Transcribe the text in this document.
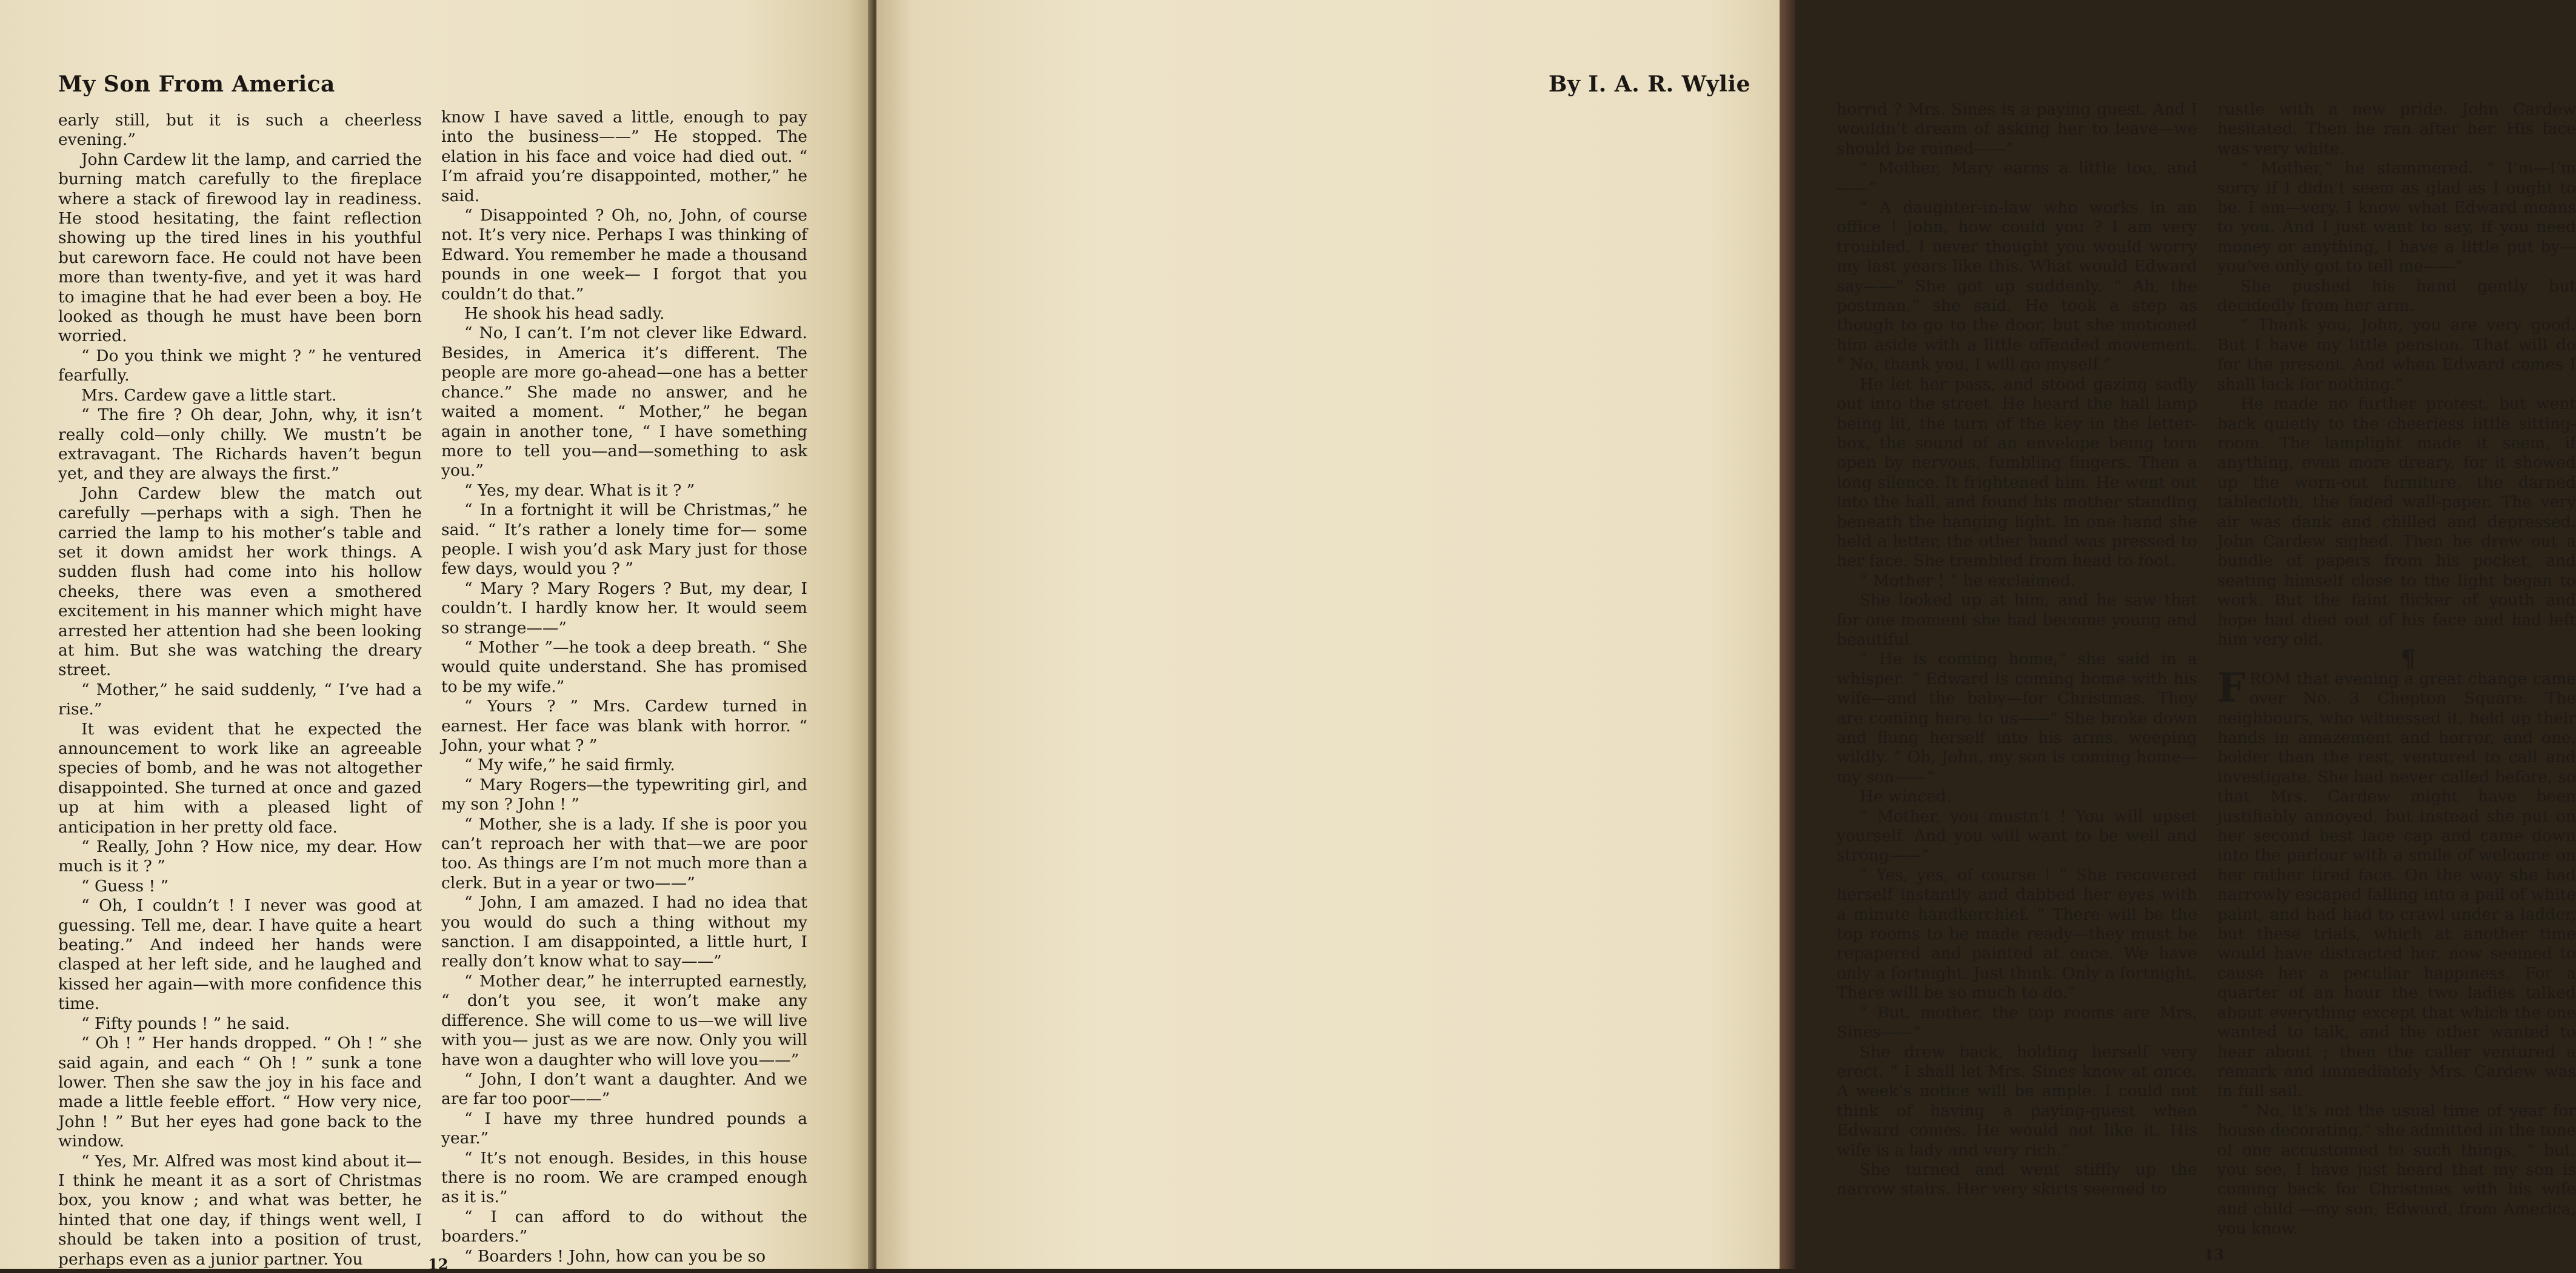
My Son From America

early still, but it is such a cheerless evening.”

John Cardew lit the lamp, and carried the burning match carefully to the fireplace where a stack of firewood lay in readiness. He stood hesitating, the faint reflection showing up the tired lines in his youthful but careworn face. He could not have been more than twenty-five, and yet it was hard to imagine that he had ever been a boy. He looked as though he must have been born worried.

“ Do you think we might ? ” he ventured fearfully.

Mrs. Cardew gave a little start.

“ The fire ? Oh dear, John, why, it isn’t really cold—only chilly. We mustn’t be extravagant. The Richards haven’t begun yet, and they are always the first.”

John Cardew blew the match out carefully —perhaps with a sigh. Then he carried the lamp to his mother’s table and set it down amidst her work things. A sudden flush had come into his hollow cheeks, there was even a smothered excitement in his manner which might have arrested her attention had she been looking at him. But she was watching the dreary street.

“ Mother,” he said suddenly, “ I’ve had a rise.”

It was evident that he expected the announcement to work like an agreeable species of bomb, and he was not altogether disappointed. She turned at once and gazed up at him with a pleased light of anticipation in her pretty old face.

“ Really, John ? How nice, my dear. How much is it ? ”

“ Guess ! ”

“ Oh, I couldn’t ! I never was good at guessing. Tell me, dear. I have quite a heart beating.” And indeed her hands were clasped at her left side, and he laughed and kissed her again—with more confidence this time.

“ Fifty pounds ! ” he said.

“ Oh ! ” Her hands dropped. “ Oh ! ” she said again, and each “ Oh ! ” sunk a tone lower. Then she saw the joy in his face and made a little feeble effort. “ How very nice, John ! ” But her eyes had gone back to the window.

“ Yes, Mr. Alfred was most kind about it—I think he meant it as a sort of Christmas box, you know ; and what was better, he hinted that one day, if things went well, I should be taken into a position of trust, perhaps even as a junior partner. You

know I have saved a little, enough to pay into the business——” He stopped. The elation in his face and voice had died out. “ I’m afraid you’re disappointed, mother,” he said.

“ Disappointed ? Oh, no, John, of course not. It’s very nice. Perhaps I was thinking of Edward. You remember he made a thousand pounds in one week— I forgot that you couldn’t do that.”

He shook his head sadly.

“ No, I can’t. I’m not clever like Edward. Besides, in America it’s different. The people are more go-ahead—one has a better chance.” She made no answer, and he waited a moment. “ Mother,” he began again in another tone, “ I have something more to tell you—and—something to ask you.”

“ Yes, my dear. What is it ? ”

“ In a fortnight it will be Christmas,” he said. “ It’s rather a lonely time for— some people. I wish you’d ask Mary just for those few days, would you ? ”

“ Mary ? Mary Rogers ? But, my dear, I couldn’t. I hardly know her. It would seem so strange——”

“ Mother ”—he took a deep breath. “ She would quite understand. She has promised to be my wife.”

“ Yours ? ” Mrs. Cardew turned in earnest. Her face was blank with horror. “ John, your what ? ”

“ My wife,” he said firmly.

“ Mary Rogers—the typewriting girl, and my son ? John ! ”

“ Mother, she is a lady. If she is poor you can’t reproach her with that—we are poor too. As things are I’m not much more than a clerk. But in a year or two——”

“ John, I am amazed. I had no idea that you would do such a thing without my sanction. I am disappointed, a little hurt, I really don’t know what to say——”

“ Mother dear,” he interrupted earnestly, “ don’t you see, it won’t make any difference. She will come to us—we will live with you— just as we are now. Only you will have won a daughter who will love you——”

“ John, I don’t want a daughter. And we are far too poor——”

“ I have my three hundred pounds a year.”

“ It’s not enough. Besides, in this house there is no room. We are cramped enough as it is.”

“ I can afford to do without the boarders.”

“ Boarders ! John, how can you be so

12
By I. A. R. Wylie

horrid ? Mrs. Sines is a paying guest. And I wouldn’t dream of asking her to leave—we should be ruined——”

“ Mother, Mary earns a little too, and——”

“ A daughter-in-law who works in an office ! John, how could you ? I am very troubled. I never thought you would worry my last years like this. What would Edward say——” She got up suddenly. “ Ah, the postman,” she said. He took a step as though to go to the door, but she motioned him aside with a little offended movement. “ No, thank you, I will go myself.”

He let her pass, and stood gazing sadly out into the street. He heard the hall lamp being lit, the turn of the key in the letter-box, the sound of an envelope being torn open by nervous, fumbling fingers. Then a long silence. It frightened him. He went out into the hall, and found his mother standing beneath the hanging light. In one hand she held a letter, the other hand was pressed to her face. She trembled from head to foot.

“ Mother ! ” he exclaimed.

She looked up at him, and he saw that for one moment she had become young and beautiful.

“ He is coming home,” she said in a whisper. “ Edward is coming home with his wife—and the baby—for Christmas. They are coming here to us——” She broke down and flung herself into his arms, weeping wildly. “ Oh, John, my son is coming home—my son——”

He winced.

“ Mother, you mustn’t ! You will upset yourself. And you will want to be well and strong——”

“ Yes, yes, of course ! ” She recovered herself instantly and dabbed her eyes with a minute handkerchief. “ There will be the top rooms to be made ready—they must be repapered and painted at once. We have only a fortnight. Just think. Only a fortnight. There will be so much to do.”

“ But, mother, the top rooms are Mrs. Sines——”

She drew back, holding herself very erect. “ I shall let Mrs. Sines know at once. A week’s notice will be ample. I could not think of having a paying-guest when Edward comes. He would not like it. His wife is a lady and very rich.”

She turned and went stiffly up the narrow stairs. Her very skirts seemed to

rustle with a new pride. John Cardew hesitated. Then he ran after her. His face was very white.

“ Mother,” he stammered. “ I’m—I’m sorry if I didn’t seem as glad as I ought to be. I am—very. I know what Edward means to you. And I just want to say, if you need money or anything, I have a little put by—you’ve only got to tell me——”

She pushed his hand gently but decidedly from her arm.

“ Thank you, John, you are very good. But I have my little pension. That will do for the present. And when Edward comes I shall lack for nothing.”

He made no further protest, but went back quietly to the cheerless little sitting-room. The lamplight made it seem, if anything, even more dreary, for it showed up the worn-out furniture, the darned tablecloth, the faded wall-paper. The very air was dank and chilled and depressed. John Cardew sighed. Then he drew out a bundle of papers from his pocket, and seating himself close to the light began to work. But the faint flicker of youth and hope had died out of his face and had left him very old.

¶

FROM that evening a great change came over No. 3 Chepton Square. The neighbours, who witnessed it, held up their hands in amazement and horror, and one, bolder than the rest, ventured to call and investigate. She had never called before, so that Mrs. Cardew might have been justifiably annoyed, but instead she put on her second best lace cap and came down into the parlour with a smile of welcome on her rather tired face. On the way she had narrowly escaped falling into a pail of white paint, and had had to crawl under a ladder, but these trials, which at another time would have distracted her, now seemed to cause her a peculiar happiness. For a quarter of an hour the two ladies talked about everything except that which the one wanted to talk, and the other wanted to hear about ; then the caller ventured a remark and immediately Mrs. Cardew was in full sail.

“ No, it’s not the usual time of year for house decorating,” she admitted in the tone of one accustomed to such things, “ but, you see, I have just heard that my son is coming back for Christmas with his wife and child —my son, Edward, from America, you know.

13
